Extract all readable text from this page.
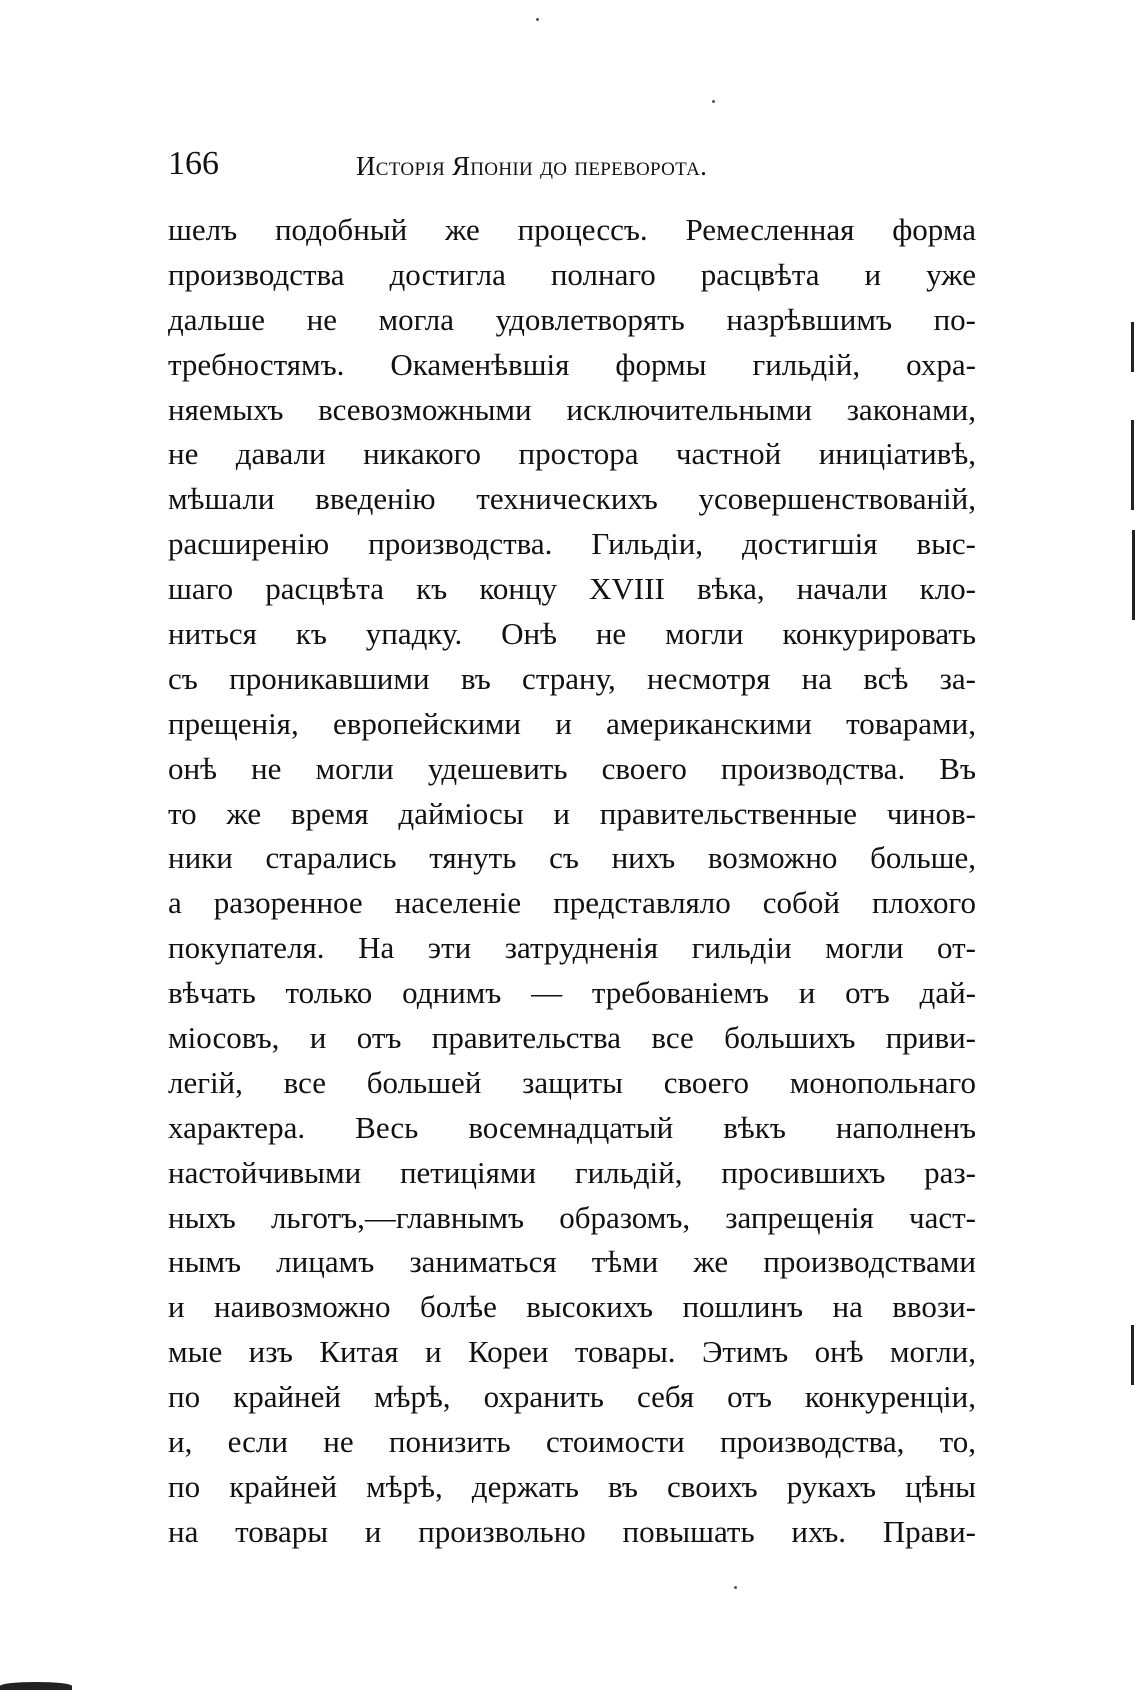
166	Исторія Японіи до переворота.
шелъ подобный же процессъ. Ремесленная форма
производства достигла полнаго расцвѣта и уже
дальше не могла удовлетворять назрѣвшимъ по-
требностямъ. Окаменѣвшія формы гильдій, охра-
няемыхъ всевозможными исключительными законами,
не давали никакого простора частной иниціативѣ,
мѣшали введенію техническихъ усовершенствованій,
расширенію производства. Гильдіи, достигшія выс-
шаго расцвѣта къ концу XVIII вѣка, начали кло-
ниться къ упадку. Онѣ не могли конкурировать
съ проникавшими въ страну, несмотря на всѣ за-
прещенія, европейскими и американскими товарами,
онѣ не могли удешевить своего производства. Въ
то же время даймiосы и правительственные чинов-
ники старались тянуть съ нихъ возможно больше,
а разоренное населеніе представляло собой плохого
покупателя. На эти затрудненія гильдіи могли от-
вѣчать только однимъ — требованіемъ и отъ дай-
міосовъ, и отъ правительства все большихъ приви-
легій, все большей защиты своего монопольнаго
характера. Весь восемнадцатый вѣкъ наполненъ
настойчивыми петиціями гильдій, просившихъ раз-
ныхъ льготъ,—главнымъ образомъ, запрещенія част-
нымъ лицамъ заниматься тѣми же производствами
и наивозможно болѣе высокихъ пошлинъ на ввози-
мые изъ Китая и Кореи товары. Этимъ онѣ могли,
по крайней мѣрѣ, охранить себя отъ конкуренціи,
и, если не понизить стоимости производства, то,
по крайней мѣрѣ, держать въ своихъ рукахъ цѣны
на товары и произвольно повышать ихъ. Прави-
